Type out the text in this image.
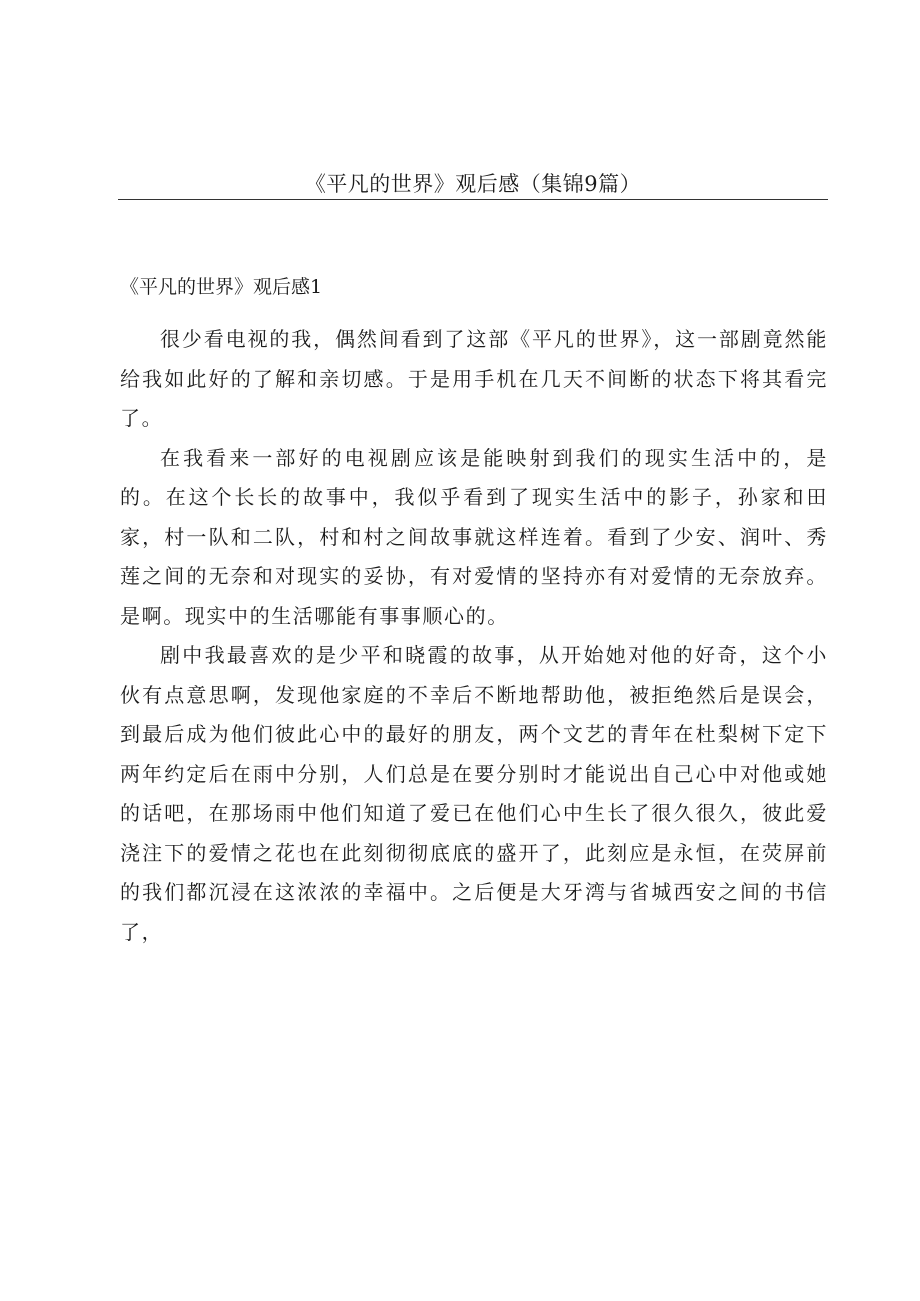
《平凡的世界》观后感（集锦9篇）
《平凡的世界》观后感1

很少看电视的我，偶然间看到了这部《平凡的世界》，这一部剧竟然能给我如此好的了解和亲切感。于是用手机在几天不间断的状态下将其看完了。

在我看来一部好的电视剧应该是能映射到我们的现实生活中的，是的。在这个长长的故事中，我似乎看到了现实生活中的影子，孙家和田家，村一队和二队，村和村之间故事就这样连着。看到了少安、润叶、秀莲之间的无奈和对现实的妥协，有对爱情的坚持亦有对爱情的无奈放弃。是啊。现实中的生活哪能有事事顺心的。

剧中我最喜欢的是少平和晓霞的故事，从开始她对他的好奇，这个小伙有点意思啊，发现他家庭的不幸后不断地帮助他，被拒绝然后是误会，到最后成为他们彼此心中的最好的朋友，两个文艺的青年在杜梨树下定下两年约定后在雨中分别，人们总是在要分别时才能说出自己心中对他或她的话吧，在那场雨中他们知道了爱已在他们心中生长了很久很久，彼此爱浇注下的爱情之花也在此刻彻彻底底的盛开了，此刻应是永恒，在荧屏前的我们都沉浸在这浓浓的幸福中。之后便是大牙湾与省城西安之间的书信了，
